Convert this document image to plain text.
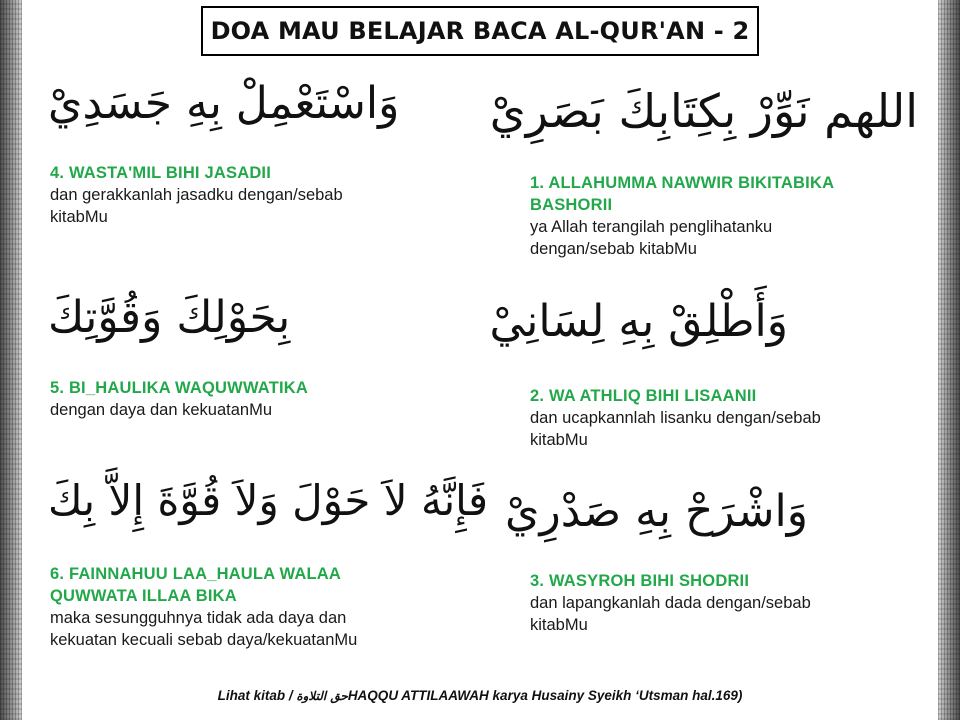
DOA MAU BELAJAR BACA AL-QUR'AN - 2
اللهم نَوِّرْ بِكِتَابِكَ بَصَرِيْ
1. ALLAHUMMA NAWWIR BIKITABIKA
BASHORII
ya Allah terangilah penglihatanku
dengan/sebab kitabMu
وَأَطْلِقْ بِهِ لِسَانِيْ
2. WA ATHLIQ BIHI LISAANII
dan ucapkannlah lisanku dengan/sebab
kitabMu
وَاشْرَحْ بِهِ صَدْرِيْ
3. WASYROH BIHI SHODRII
dan lapangkanlah dada dengan/sebab
kitabMu
وَاسْتَعْمِلْ بِهِ جَسَدِيْ
4. WASTA'MIL BIHI JASADII
dan gerakkanlah jasadku dengan/sebab
kitabMu
بِحَوْلِكَ وَقُوَّتِكَ
5. BI_HAULIKA WAQUWWATIKA
dengan daya dan kekuatanMu
فَإِنَّهُ لاَ حَوْلَ وَلاَ قُوَّةَ إِلاَّ بِكَ
6. FAINNAHUU LAA_HAULA WALAA
QUWWATA ILLAA BIKA
maka sesungguhnya tidak ada daya dan
kekuatan kecuali sebab daya/kekuatanMu
Lihat kitab / حق التلاوةHAQQU ATTILAAWAH karya Husainy Syeikh ‘Utsman hal.169)
